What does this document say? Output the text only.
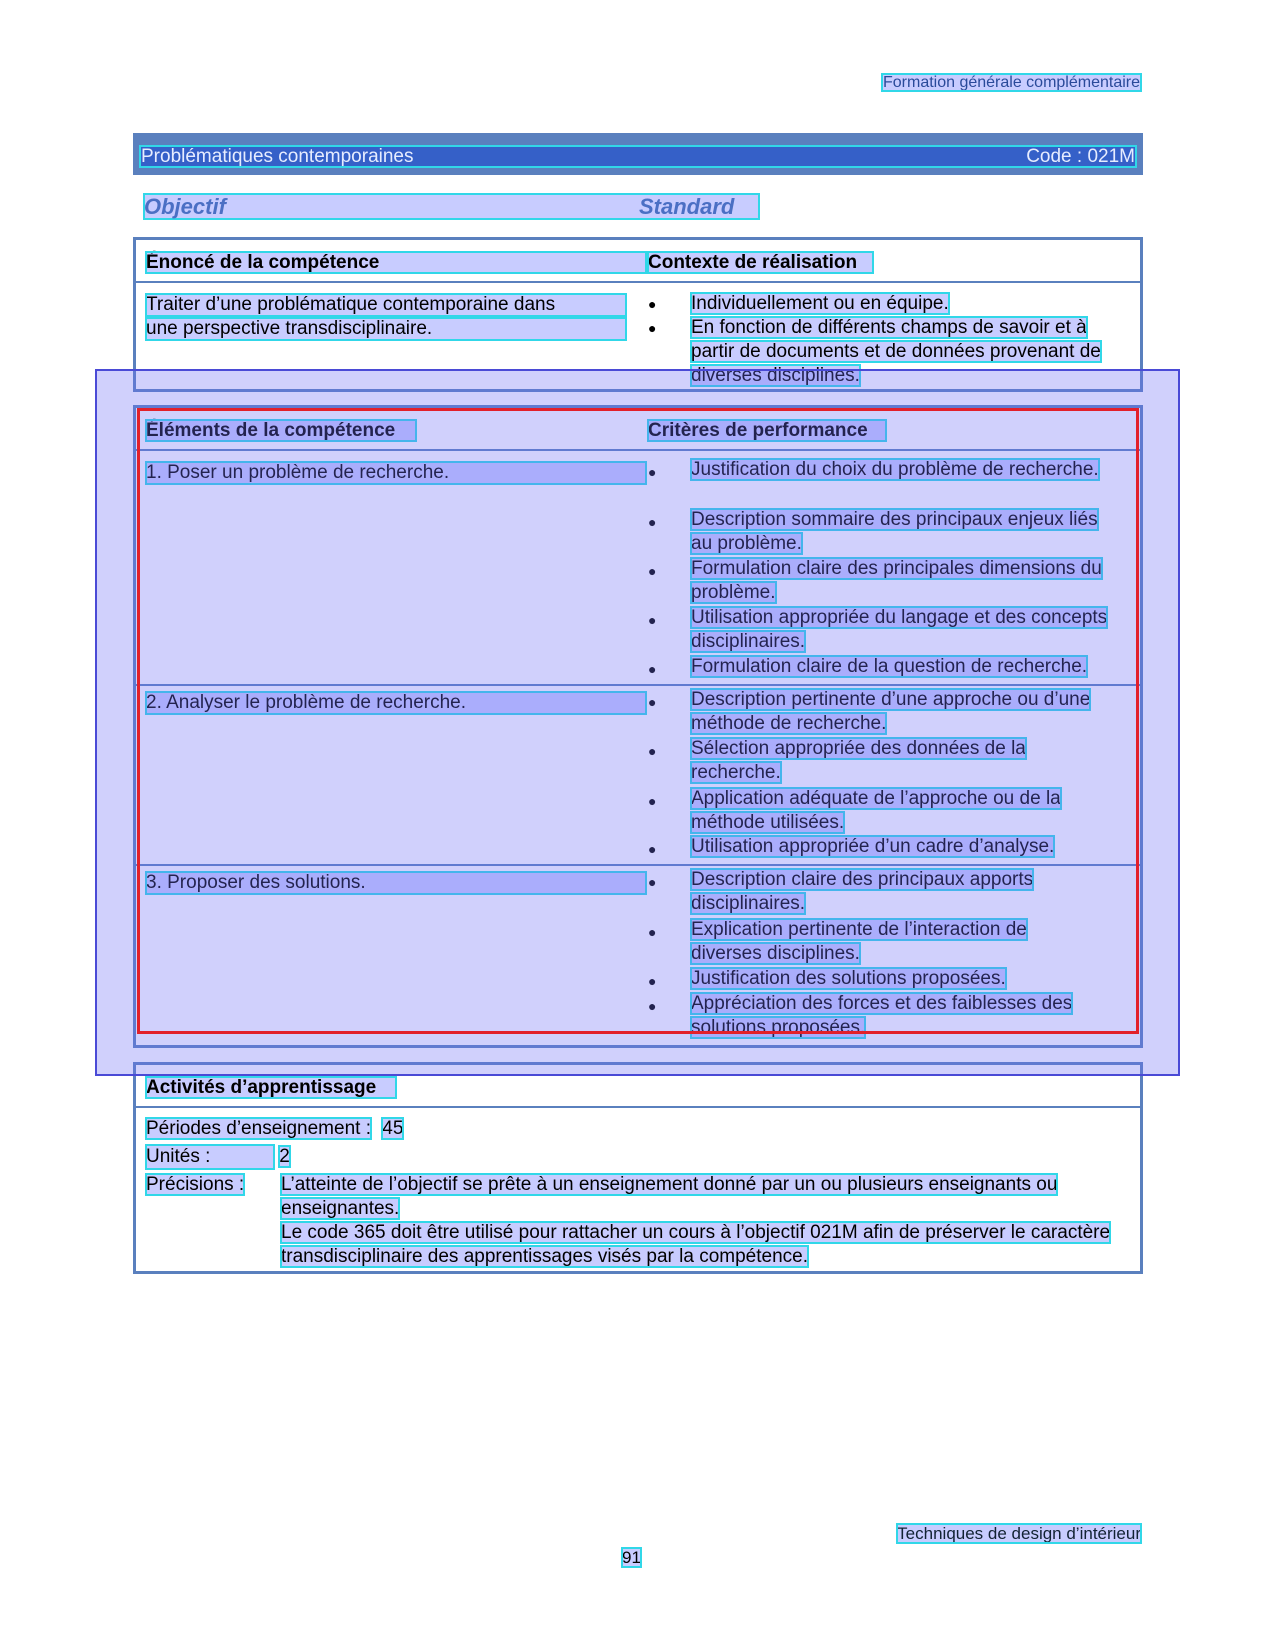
Formation générale complémentaire
Problématiques contemporaines	Code : 021M
Objectif	Standard
Énoncé de la compétence	Contexte de réalisation
Traiter d’une problématique contemporaine dans
une perspective transdisciplinaire.
● Individuellement ou en équipe.
● En fonction de différents champs de savoir et à partir de documents et de données provenant de diverses disciplines.
Éléments de la compétence	Critères de performance
1. Poser un problème de recherche.	● Justification du choix du problème de recherche.
● Description sommaire des principaux enjeux liés au problème.
● Formulation claire des principales dimensions du problème.
● Utilisation appropriée du langage et des concepts disciplinaires.
● Formulation claire de la question de recherche.
2. Analyser le problème de recherche.	● Description pertinente d’une approche ou d’une méthode de recherche.
● Sélection appropriée des données de la recherche.
● Application adéquate de l’approche ou de la méthode utilisées.
● Utilisation appropriée d’un cadre d’analyse.
3. Proposer des solutions.	● Description claire des principaux apports disciplinaires.
● Explication pertinente de l’interaction de diverses disciplines.
● Justification des solutions proposées.
● Appréciation des forces et des faiblesses des solutions proposées.
Activités d’apprentissage
Périodes d’enseignement : 45
Unités :	2
Précisions : L’atteinte de l’objectif se prête à un enseignement donné par un ou plusieurs enseignants ou enseignantes.
Le code 365 doit être utilisé pour rattacher un cours à l’objectif 021M afin de préserver le caractère transdisciplinaire des apprentissages visés par la compétence.
Techniques de design d’intérieur
91
